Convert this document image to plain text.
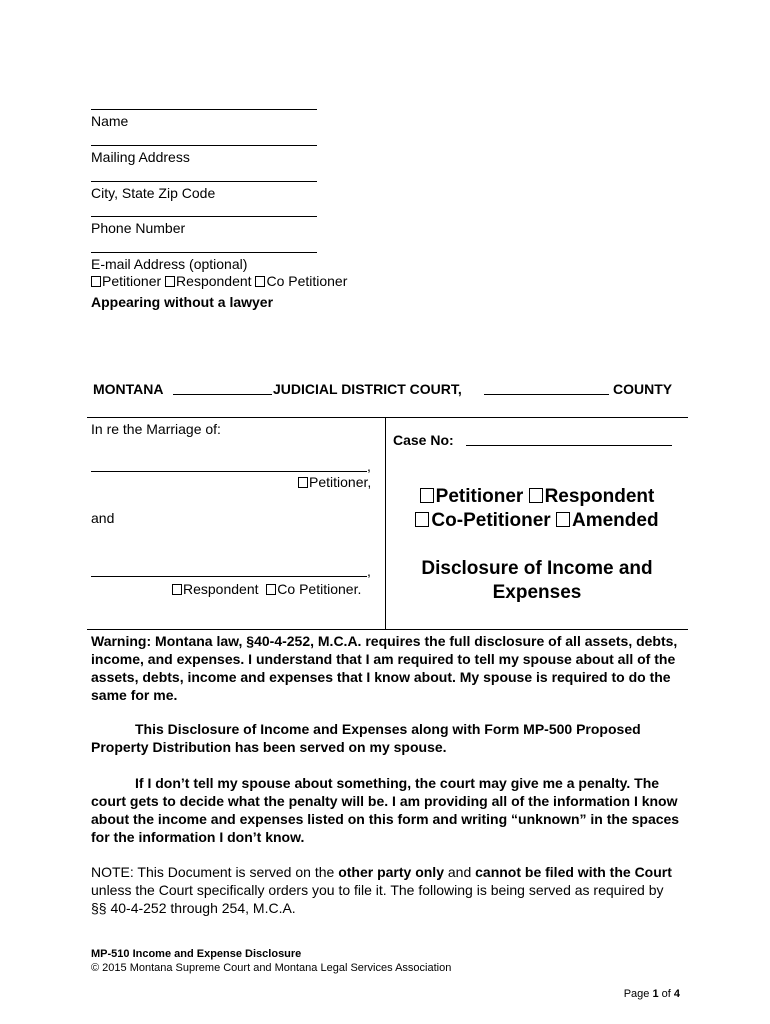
Name
Mailing Address
City, State Zip Code
Phone Number
E-mail Address (optional)
Petitioner Respondent Co Petitioner
Appearing without a lawyer
MONTANA	JUDICIAL DISTRICT COURT,	COUNTY
In re the Marriage of:
,
Petitioner,
and
,
Respondent Co Petitioner.
Case No:
Petitioner Respondent
Co-Petitioner Amended
Disclosure of Income and
Expenses
Warning: Montana law, §40-4-252, M.C.A. requires the full disclosure of all assets, debts, income, and expenses. I understand that I am required to tell my spouse about all of the assets, debts, income and expenses that I know about. My spouse is required to do the same for me.
This Disclosure of Income and Expenses along with Form MP-500 Proposed Property Distribution has been served on my spouse.
If I don’t tell my spouse about something, the court may give me a penalty. The court gets to decide what the penalty will be. I am providing all of the information I know about the income and expenses listed on this form and writing “unknown” in the spaces for the information I don’t know.
NOTE: This Document is served on the other party only and cannot be filed with the Court unless the Court specifically orders you to file it. The following is being served as required by §§ 40-4-252 through 254, M.C.A.
MP-510 Income and Expense Disclosure
© 2015 Montana Supreme Court and Montana Legal Services Association
Page 1 of 4
